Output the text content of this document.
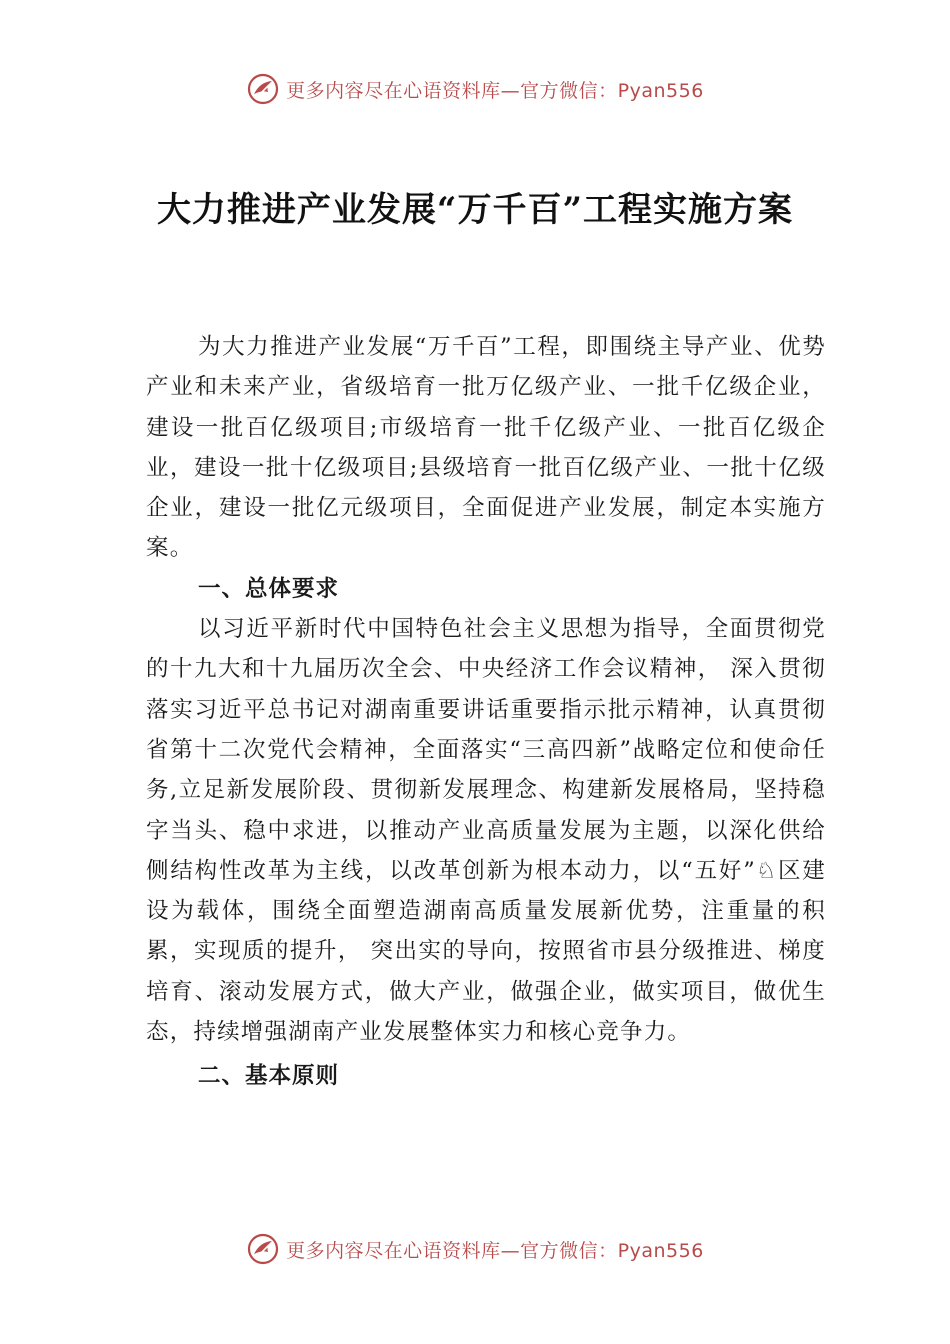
更多内容尽在心语资料库—官方微信：Pyan556
大力推进产业发展“万千百”工程实施方案

为大力推进产业发展“万千百”工程，即围绕主导产业、优势产业和未来产业，省级培育一批万亿级产业、一批千亿级企业，建设一批百亿级项目;市级培育一批千亿级产业、一批百亿级企业，建设一批十亿级项目;县级培育一批百亿级产业、一批十亿级企业，建设一批亿元级项目，全面促进产业发展，制定本实施方案。

一、总体要求

以习近平新时代中国特色社会主义思想为指导，全面贯彻党的十九大和十九届历次全会、中央经济工作会议精神， 深入贯彻落实习近平总书记对湖南重要讲话重要指示批示精神，认真贯彻省第十二次党代会精神，全面落实“三高四新”战略定位和使命任务,立足新发展阶段、贯彻新发展理念、构建新发展格局，坚持稳字当头、稳中求进，以推动产业高质量发展为主题，以深化供给侧结构性改革为主线，以改革创新为根本动力，以“五好”♘区建设为载体，围绕全面塑造湖南高质量发展新优势，注重量的积累，实现质的提升， 突出实的导向，按照省市县分级推进、梯度培育、滚动发展方式，做大产业，做强企业，做实项目，做优生态，持续增强湖南产业发展整体实力和核心竞争力。

二、基本原则
更多内容尽在心语资料库—官方微信：Pyan556
